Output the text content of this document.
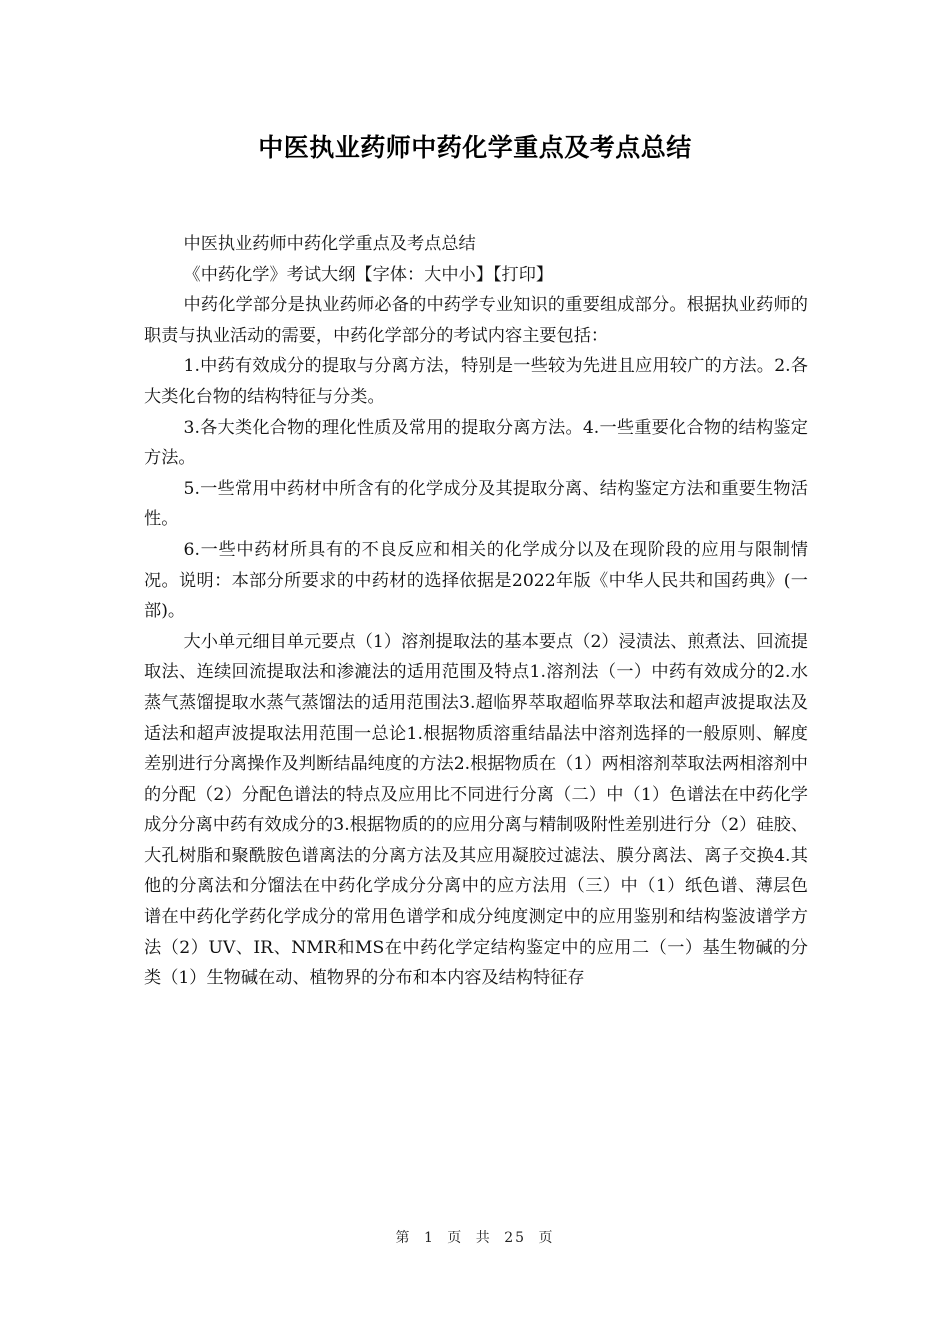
中医执业药师中药化学重点及考点总结

中医执业药师中药化学重点及考点总结

《中药化学》考试大纲【字体：大中小】【打印】

中药化学部分是执业药师必备的中药学专业知识的重要组成部分。根据执业药师的职责与执业活动的需要，中药化学部分的考试内容主要包括：

1.中药有效成分的提取与分离方法，特别是一些较为先进且应用较广的方法。2.各大类化台物的结构特征与分类。

3.各大类化合物的理化性质及常用的提取分离方法。4.一些重要化合物的结构鉴定方法。

5.一些常用中药材中所含有的化学成分及其提取分离、结构鉴定方法和重要生物活性。

6.一些中药材所具有的不良反应和相关的化学成分以及在现阶段的应用与限制情况。说明：本部分所要求的中药材的选择依据是2022年版《中华人民共和国药典》(一部)。

大小单元细目单元要点（1）溶剂提取法的基本要点（2）浸渍法、煎煮法、回流提取法、连续回流提取法和渗漉法的适用范围及特点1.溶剂法（一）中药有效成分的2.水蒸气蒸馏提取水蒸气蒸馏法的适用范围法3.超临界萃取超临界萃取法和超声波提取法及适法和超声波提取法用范围一总论1.根据物质溶重结晶法中溶剂选择的一般原则、解度差别进行分离操作及判断结晶纯度的方法2.根据物质在（1）两相溶剂萃取法两相溶剂中的分配（2）分配色谱法的特点及应用比不同进行分离（二）中（1）色谱法在中药化学成分分离中药有效成分的3.根据物质的的应用分离与精制吸附性差别进行分（2）硅胶、大孔树脂和聚酰胺色谱离法的分离方法及其应用凝胶过滤法、膜分离法、离子交换4.其他的分离法和分馏法在中药化学成分分离中的应方法用（三）中（1）纸色谱、薄层色谱在中药化学药化学成分的常用色谱学和成分纯度测定中的应用鉴别和结构鉴波谱学方法（2）UV、IR、NMR和MS在中药化学定结构鉴定中的应用二（一）基生物碱的分类（1）生物碱在动、植物界的分布和本内容及结构特征存

第 1 页 共 25 页
